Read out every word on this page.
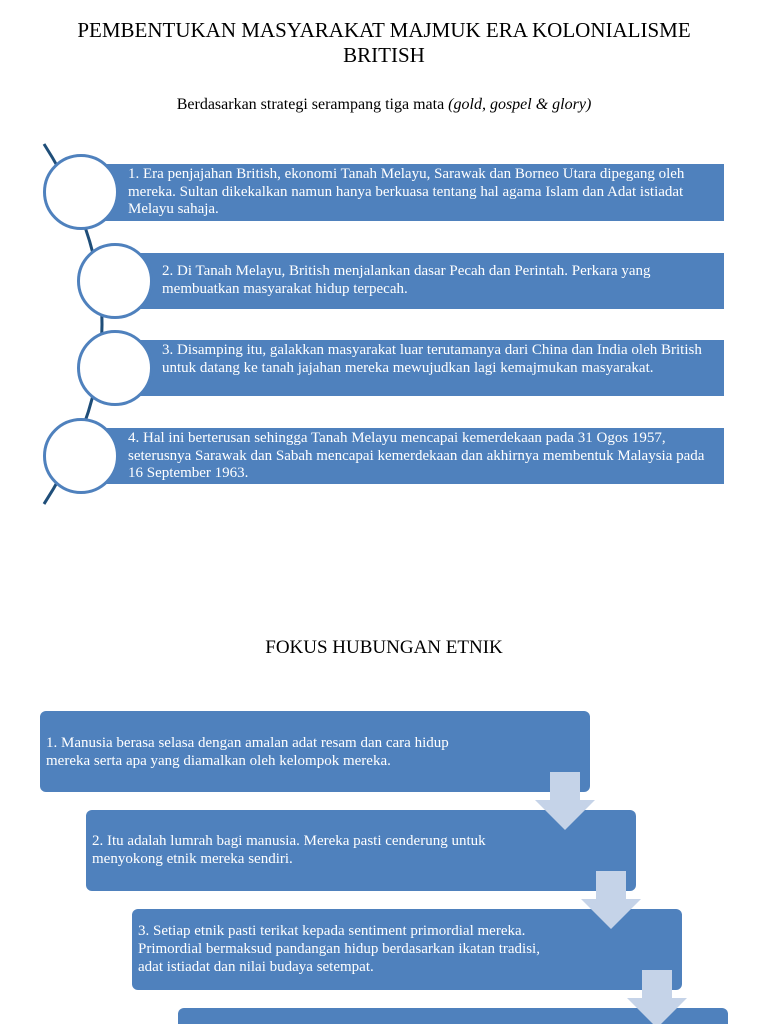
PEMBENTUKAN MASYARAKAT MAJMUK ERA KOLONIALISME BRITISH
Berdasarkan strategi serampang tiga mata (gold, gospel & glory)
1. Era penjajahan British, ekonomi Tanah Melayu, Sarawak dan Borneo Utara dipegang oleh mereka. Sultan dikekalkan namun hanya berkuasa tentang hal agama Islam dan Adat istiadat Melayu sahaja.
2. Di Tanah Melayu, British menjalankan dasar Pecah dan Perintah. Perkara yang membuatkan masyarakat hidup terpecah.
3. Disamping itu, galakkan masyarakat luar terutamanya dari China dan India oleh British untuk datang ke tanah jajahan mereka mewujudkan lagi kemajmukan masyarakat.
4. Hal ini berterusan sehingga Tanah Melayu mencapai kemerdekaan pada 31 Ogos 1957, seterusnya Sarawak dan Sabah mencapai kemerdekaan dan akhirnya membentuk Malaysia pada 16 September 1963.
FOKUS HUBUNGAN ETNIK
1. Manusia berasa selasa dengan amalan adat resam dan cara hidup mereka serta apa yang diamalkan oleh kelompok mereka.
2. Itu adalah lumrah bagi manusia. Mereka pasti cenderung untuk menyokong etnik mereka sendiri.
3. Setiap etnik pasti terikat kepada sentiment primordial mereka. Primordial bermaksud pandangan hidup berdasarkan ikatan tradisi, adat istiadat dan nilai budaya setempat.
